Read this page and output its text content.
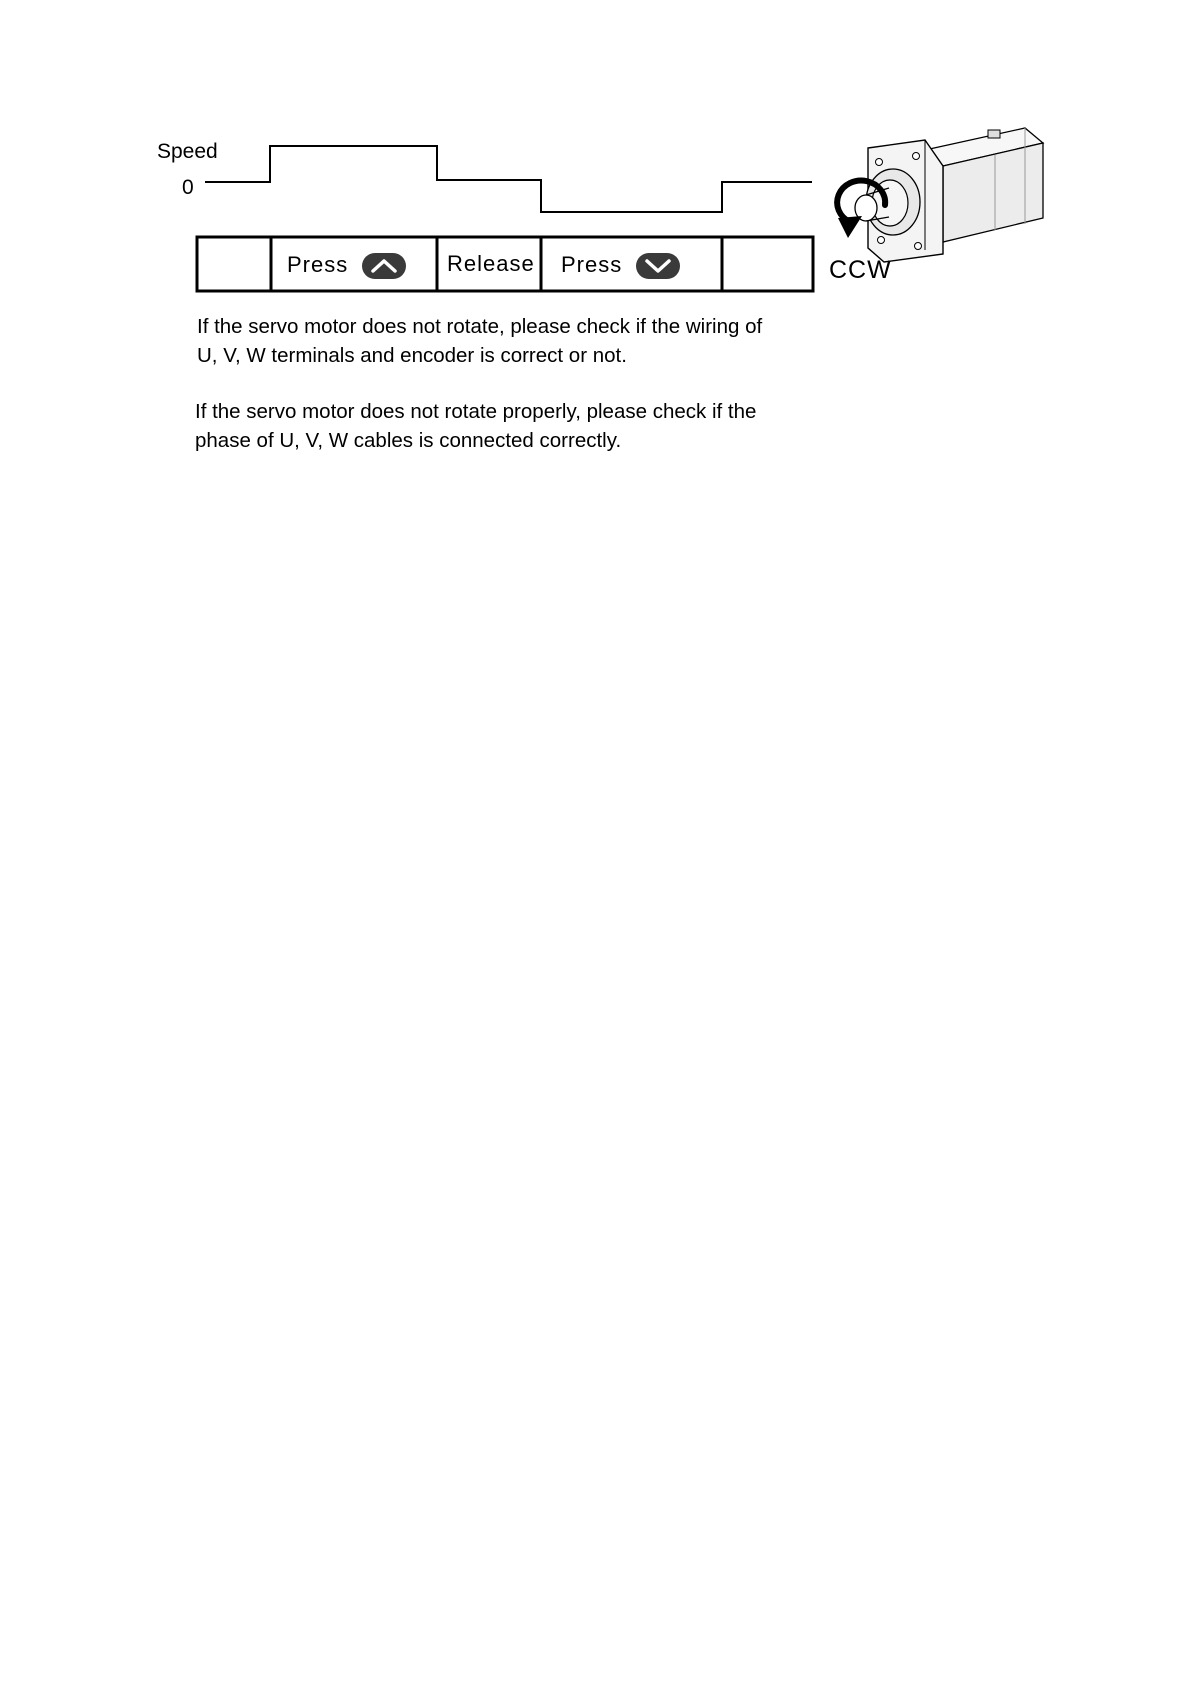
Speed
0
Press	Release Press	CCW
If the servo motor does not rotate, please check if the wiring of
U, V, W terminals and encoder is correct or not.
If the servo motor does not rotate properly, please check if the
phase of U, V, W cables is connected correctly.
